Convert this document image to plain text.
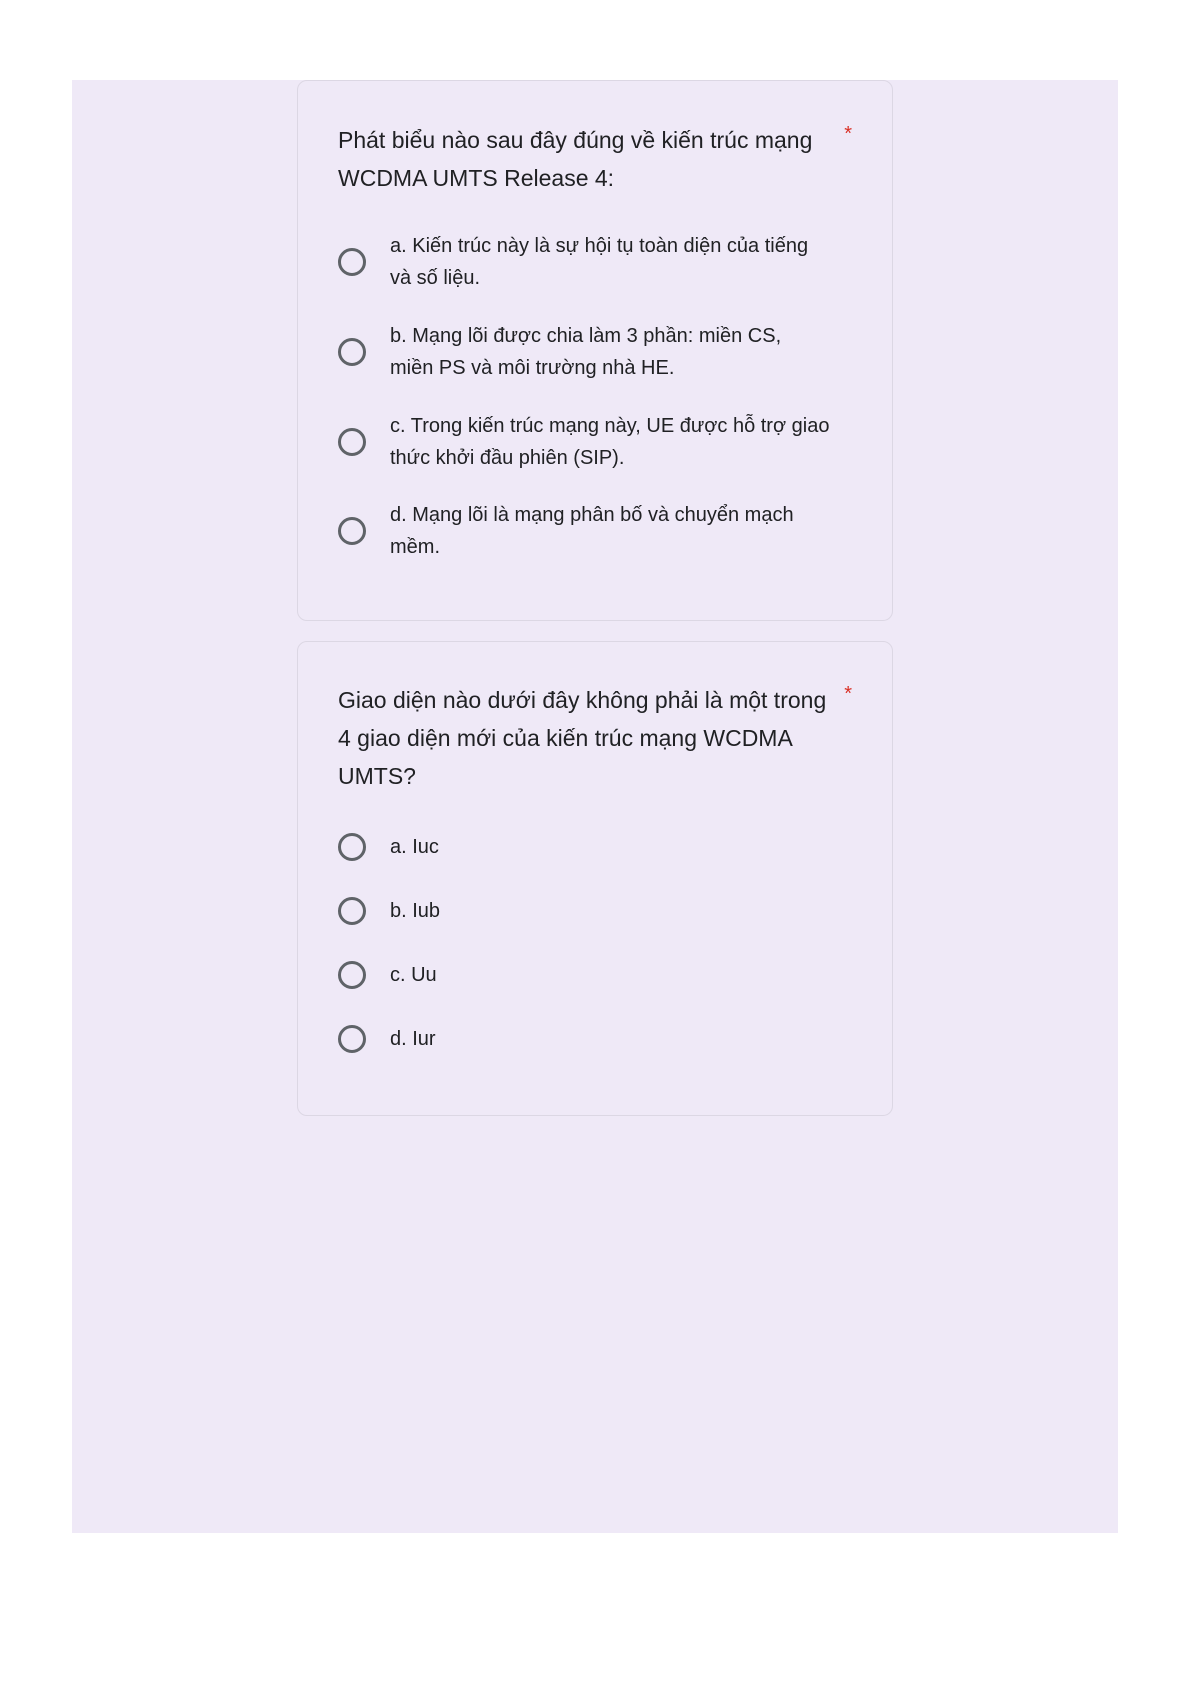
Phát biểu nào sau đây đúng về kiến trúc mạng WCDMA UMTS Release 4:

*
a. Kiến trúc này là sự hội tụ toàn diện của tiếng và số liệu.
b. Mạng lõi được chia làm 3 phần: miền CS, miền PS và môi trường nhà HE.
c. Trong kiến trúc mạng này, UE được hỗ trợ giao thức khởi đầu phiên (SIP).
d. Mạng lõi là mạng phân bố và chuyển mạch mềm.

Giao diện nào dưới đây không phải là một trong 4 giao diện mới của kiến trúc mạng WCDMA UMTS?

*
a. Iuc
b. Iub
c. Uu
d. Iur
